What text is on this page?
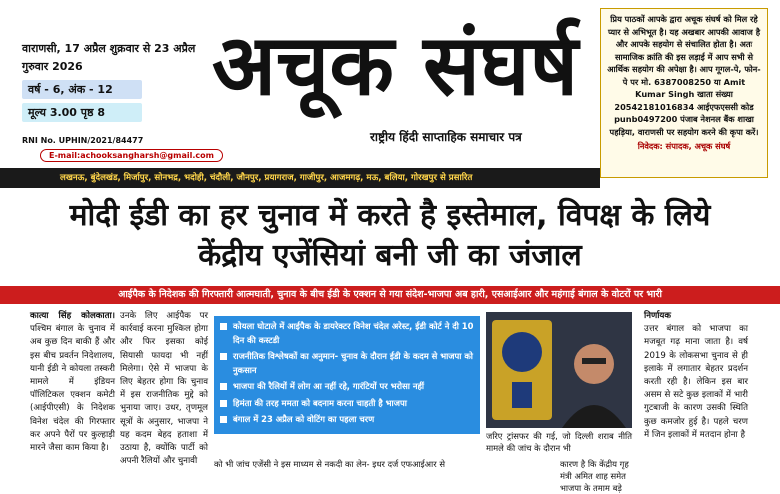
वाराणसी, 17 अप्रैल शुक्रवार से 23 अप्रैल गुरुवार 2026
वर्ष - 6, अंक - 12
मूल्य 3.00 पृष्ठ 8
RNI No. UPHIN/2021/84477
E-mail:achooksangharsh@gmail.com
अचूक संघर्ष
राष्ट्रीय हिंदी साप्ताहिक समाचार पत्र
प्रिय पाठकों आपके द्वारा अचूक संघर्ष को मिल रहे प्यार से अभिभूत है। यह अखबार आपकी आवाज है और आपके सहयोग से संचालित होता है। अतः सामाजिक क्रांति की इस लड़ाई में आप सभी से आर्थिक सहयोग की अपेक्षा है। आप गूगल-पे, फोन-पे पर मो. 6387008250 या Amit Kumar Singh खाता संख्या 20542181016834 आईएफएससी कोड punb0497200 पंजाब नेशनल बैंक शाखा पहड़िया, वाराणसी पर सहयोग करने की कृपा करें।
निवेदक: संपादक, अचूक संघर्ष
लखनऊ, बुंदेलखंड, मिर्जापुर, सोनभद्र, भदोही, चंदौली, जौनपुर, प्रयागराज, गाजीपुर, आजमगढ़, मऊ, बलिया, गोरखपुर से प्रसारित
मोदी ईडी का हर चुनाव में करते है इस्तेमाल, विपक्ष के लिये केंद्रीय एजेंसियां बनी जी का जंजाल
आईपैक के निदेशक की गिरफ्तारी आत्मघाती, चुनाव के बीच ईडी के एक्शन से गया संदेश-भाजपा अब हारी, एसआईआर और महंगाई बंगाल के वोटरों पर भारी
कात्या सिंह कोलकाता। पश्चिम बंगाल के चुनाव में अब कुछ दिन बाकी हैं और इस बीच प्रवर्तन निदेशालय, यानी ईडी ने कोयला तस्करी मामले में इंडियन पॉलिटिकल एक्शन कमेटी (आईपीएसी) के निदेशक विनेश चंदेल की गिरफ्तार कर अपने पैरों पर कुल्हाड़ी मारने जैसा काम किया है।
उनके लिए आईपैक पर कार्रवाई करना मुश्किल होगा और फिर इसका कोई सियासी फायदा भी नहीं मिलेगा। ऐसे में भाजपा के लिए बेहतर होगा कि चुनाव में इस राजनीतिक मुद्दे को भुनाया जाए। उधर, तृणमूल सूत्रों के अनुसार, भाजपा ने यह कदम बेहद हताशा में उठाया है, क्योंकि पार्टी को अपनी रैलियों और चुनावी
कोयला घोटाले में आईपैक के डायरेक्टर विनेश चंदेल अरेस्ट, ईडी कोर्ट ने दी 10 दिन की कस्टडी
राजनीतिक विश्लेषकों का अनुमान- चुनाव के दौरान ईडी के कदम से भाजपा को नुकसान
भाजपा की रैलियों में लोग आ नहीं रहे, गारंटियों पर भरोसा नहीं
हिमंता की तरह ममता को बदनाम करना चाहती है भाजपा
बंगाल में 23 अप्रैल को वोटिंग का पहला चरण
को भी जांच एजेंसी ने इस माध्यम से नकदी का लेन- इधर दर्ज एफआईआर से
जरिए ट्रांसफर की गई, जो दिल्ली शराब नीति मामले की जांच के दौरान भी
कारण है कि केंद्रीय गृह मंत्री अमित शाह समेत भाजपा के तमाम बड़े
निर्णायक
उत्तर बंगाल को भाजपा का मजबूत गढ़ माना जाता है। वर्ष 2019 के लोकसभा चुनाव से ही इलाके में लगातार बेहतर प्रदर्शन करती रही है। लेकिन इस बार असम से सटे कुछ इलाकों में भारी गुटबाजी के कारण उसकी स्थिति कुछ कमजोर हुई है। पहले चरण में जिन इलाकों में मतदान होना है
